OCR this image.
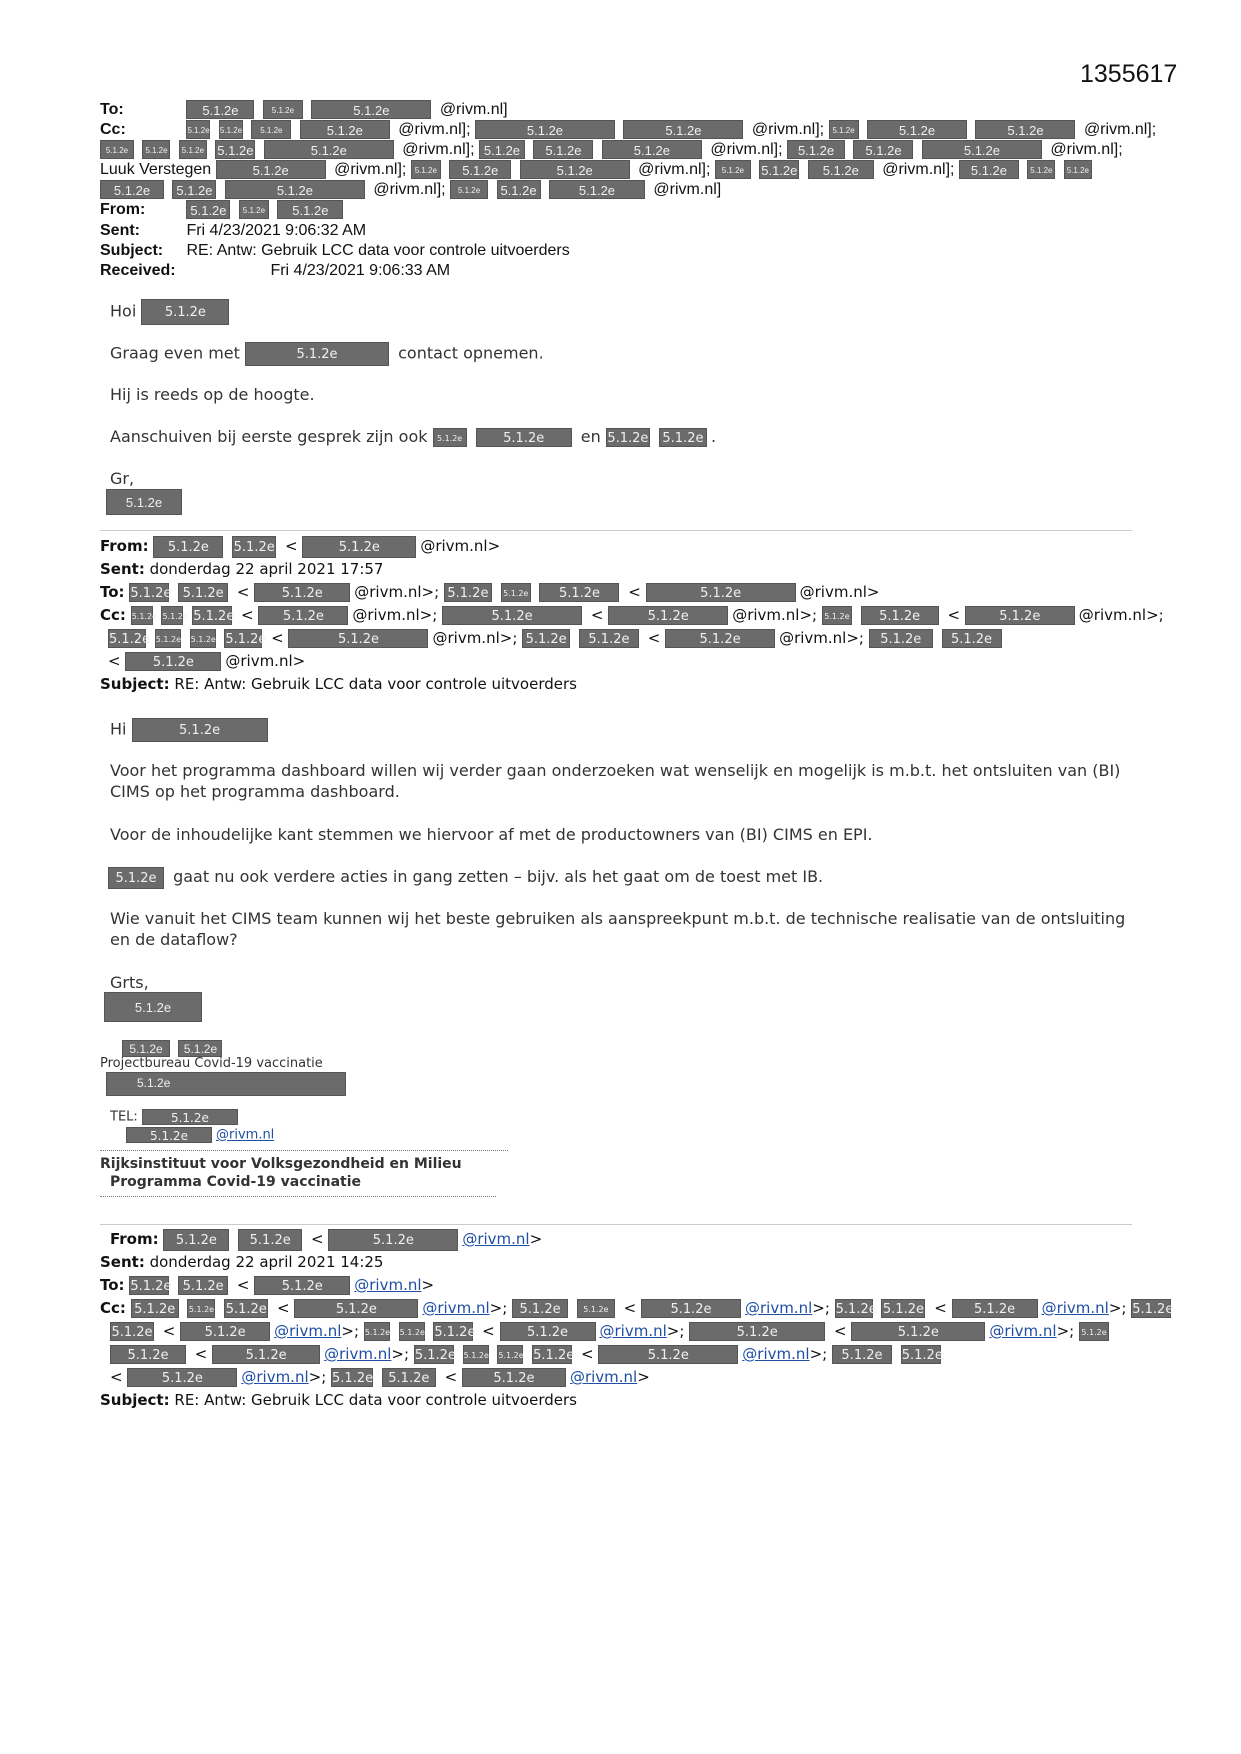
1355617
To:	5.1.2e	5.1.2e	5.1.2e	@rivm.nl]
Cc:	5.1.2e 5.1.2e 5.1.2e	5.1.2e @rivm.nl];	5.1.2e	5.1.2e	@rivm.nl]; 5.1.2e	5.1.2e	5.1.2e	@rivm.nl];
5.1.2e 5.1.2e 5.1.2e 5.1.2e	5.1.2e	@rivm.nl]; 5.1.2e 5.1.2e	5.1.2e	@rivm.nl]; 5.1.2e 5.1.2e	5.1.2e	@rivm.nl];
Luuk Verstegen	5.1.2e	@rivm.nl]; 5.1.2e 5.1.2e	5.1.2e	@rivm.nl]; 5.1.2e 5.1.2e 5.1.2e @rivm.nl]; 5.1.2e	5.1.2e 5.1.2e
5.1.2e 5.1.2e	5.1.2e	@rivm.nl]; 5.1.2e 5.1.2e	5.1.2e @rivm.nl]
From:	5.1.2e 5.1.2e 5.1.2e
Sent:	Fri 4/23/2021 9:06:32 AM
Subject: RE: Antw: Gebruik LCC data voor controle uitvoerders
Received:	Fri 4/23/2021 9:06:33 AM
Hoi 5.1.2e
Graag even met	5.1.2e	contact opnemen.
Hij is reeds op de hoogte.
Aanschuiven bij eerste gesprek zijn ook 5.1.2e	5.1.2e en 5.1.2e 5.1.2e .
Gr,
5.1.2e
From: 5.1.2e 5.1.2e <	5.1.2e	@rivm.nl>
Sent: donderdag 22 april 2021 17:57
To: 5.1.2e 5.1.2e < 5.1.2e @rivm.nl>; 5.1.2e 5.1.2e 5.1.2e <	5.1.2e	@rivm.nl>
Cc: 5.1.2e 5.1.2e 5.1.2e < 5.1.2e @rivm.nl>;	5.1.2e	<	5.1.2e	@rivm.nl>; 5.1.2e 5.1.2e <	5.1.2e	@rivm.nl>;
5.1.2e 5.1.2e 5.1.2e 5.1.2e <	5.1.2e	@rivm.nl>; 5.1.2e 5.1.2e <	5.1.2e	@rivm.nl>; 5.1.2e 5.1.2e
< 5.1.2e @rivm.nl>
Subject: RE: Antw: Gebruik LCC data voor controle uitvoerders
Hi	5.1.2e
Voor het programma dashboard willen wij verder gaan onderzoeken wat wenselijk en mogelijk is m.b.t. het ontsluiten van (BI) CIMS op het programma dashboard.
Voor de inhoudelijke kant stemmen we hiervoor af met de productowners van (BI) CIMS en EPI.
5.1.2e gaat nu ook verdere acties in gang zetten – bijv. als het gaat om de toest met IB.
Wie vanuit het CIMS team kunnen wij het beste gebruiken als aanspreekpunt m.b.t. de technische realisatie van de ontsluiting en de dataflow?
Grts,
5.1.2e
5.1.2e 5.1.2e
Projectbureau Covid-19 vaccinatie
5.1.2e
TEL:	5.1.2e
5.1.2e @rivm.nl
Rijksinstituut voor Volksgezondheid en Milieu
Programma Covid-19 vaccinatie
From: 5.1.2e	5.1.2e <	5.1.2e	@rivm.nl>
Sent: donderdag 22 april 2021 14:25
To: 5.1.2e 5.1.2e < 5.1.2e @rivm.nl>
Cc: 5.1.2e 5.1.2e 5.1.2e <	5.1.2e	@rivm.nl>; 5.1.2e	5.1.2e <	5.1.2e @rivm.nl>; 5.1.2e 5.1.2e < 5.1.2e @rivm.nl>; 5.1.2e
5.1.2e < 5.1.2e @rivm.nl>; 5.1.2e 5.1.2e 5.1.2e < 5.1.2e @rivm.nl>;	5.1.2e	<	5.1.2e	@rivm.nl>; 5.1.2e
5.1.2e <	5.1.2e @rivm.nl>; 5.1.2e 5.1.2e 5.1.2e 5.1.2e <	5.1.2e	@rivm.nl>; 5.1.2e 5.1.2e
<	5.1.2e	@rivm.nl>; 5.1.2e 5.1.2e <	5.1.2e @rivm.nl>
Subject: RE: Antw: Gebruik LCC data voor controle uitvoerders
